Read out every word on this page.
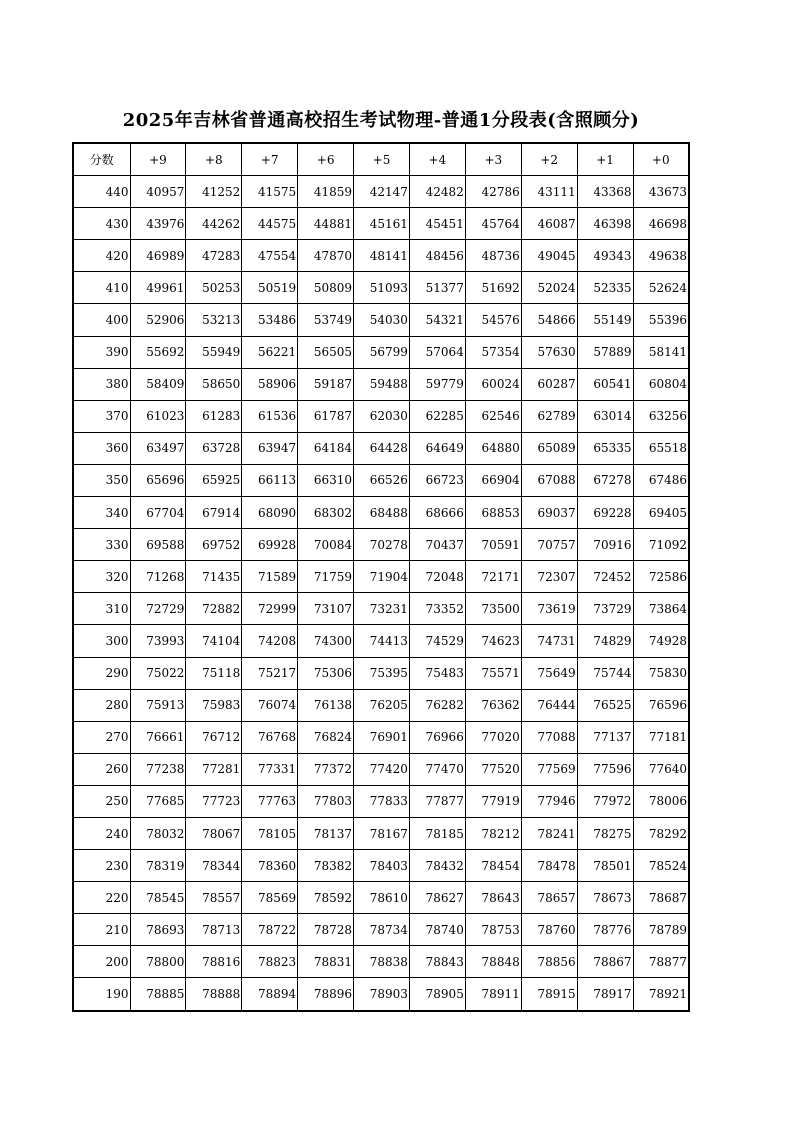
2025年吉林省普通高校招生考试物理-普通1分段表(含照顾分)
分数	+9	+8	+7	+6	+5	+4	+3	+2	+1	+0
440	40957	41252	41575	41859	42147	42482	42786	43111	43368	43673
430	43976	44262	44575	44881	45161	45451	45764	46087	46398	46698
420	46989	47283	47554	47870	48141	48456	48736	49045	49343	49638
410	49961	50253	50519	50809	51093	51377	51692	52024	52335	52624
400	52906	53213	53486	53749	54030	54321	54576	54866	55149	55396
390	55692	55949	56221	56505	56799	57064	57354	57630	57889	58141
380	58409	58650	58906	59187	59488	59779	60024	60287	60541	60804
370	61023	61283	61536	61787	62030	62285	62546	62789	63014	63256
360	63497	63728	63947	64184	64428	64649	64880	65089	65335	65518
350	65696	65925	66113	66310	66526	66723	66904	67088	67278	67486
340	67704	67914	68090	68302	68488	68666	68853	69037	69228	69405
330	69588	69752	69928	70084	70278	70437	70591	70757	70916	71092
320	71268	71435	71589	71759	71904	72048	72171	72307	72452	72586
310	72729	72882	72999	73107	73231	73352	73500	73619	73729	73864
300	73993	74104	74208	74300	74413	74529	74623	74731	74829	74928
290	75022	75118	75217	75306	75395	75483	75571	75649	75744	75830
280	75913	75983	76074	76138	76205	76282	76362	76444	76525	76596
270	76661	76712	76768	76824	76901	76966	77020	77088	77137	77181
260	77238	77281	77331	77372	77420	77470	77520	77569	77596	77640
250	77685	77723	77763	77803	77833	77877	77919	77946	77972	78006
240	78032	78067	78105	78137	78167	78185	78212	78241	78275	78292
230	78319	78344	78360	78382	78403	78432	78454	78478	78501	78524
220	78545	78557	78569	78592	78610	78627	78643	78657	78673	78687
210	78693	78713	78722	78728	78734	78740	78753	78760	78776	78789
200	78800	78816	78823	78831	78838	78843	78848	78856	78867	78877
190	78885	78888	78894	78896	78903	78905	78911	78915	78917	78921
